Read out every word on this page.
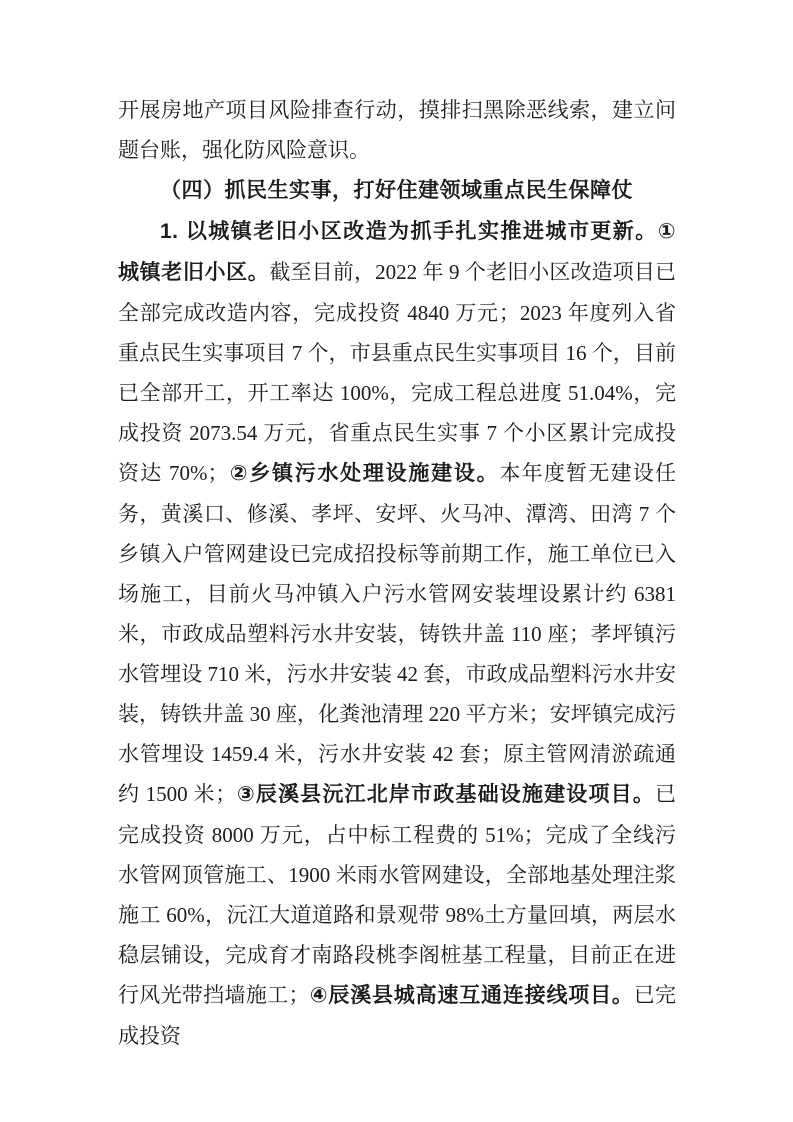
开展房地产项目风险排查行动，摸排扫黑除恶线索，建立问题台账，强化防风险意识。

（四）抓民生实事，打好住建领域重点民生保障仗

1. 以城镇老旧小区改造为抓手扎实推进城市更新。①城镇老旧小区。截至目前，2022 年 9 个老旧小区改造项目已全部完成改造内容，完成投资 4840 万元；2023 年度列入省重点民生实事项目 7 个，市县重点民生实事项目 16 个，目前已全部开工，开工率达 100%，完成工程总进度 51.04%，完成投资 2073.54 万元，省重点民生实事 7 个小区累计完成投资达 70%；②乡镇污水处理设施建设。本年度暂无建设任务，黄溪口、修溪、孝坪、安坪、火马冲、潭湾、田湾 7 个乡镇入户管网建设已完成招投标等前期工作，施工单位已入场施工，目前火马冲镇入户污水管网安装埋设累计约 6381 米，市政成品塑料污水井安装，铸铁井盖 110 座；孝坪镇污水管埋设 710 米，污水井安装 42 套，市政成品塑料污水井安装，铸铁井盖 30 座，化粪池清理 220 平方米；安坪镇完成污水管埋设 1459.4 米，污水井安装 42 套；原主管网清淤疏通约 1500 米；③辰溪县沅江北岸市政基础设施建设项目。已完成投资 8000 万元，占中标工程费的 51%；完成了全线污水管网顶管施工、1900 米雨水管网建设，全部地基处理注浆施工 60%，沅江大道道路和景观带 98%土方量回填，两层水稳层铺设，完成育才南路段桃李阁桩基工程量，目前正在进行风光带挡墙施工；④辰溪县城高速互通连接线项目。已完成投资
